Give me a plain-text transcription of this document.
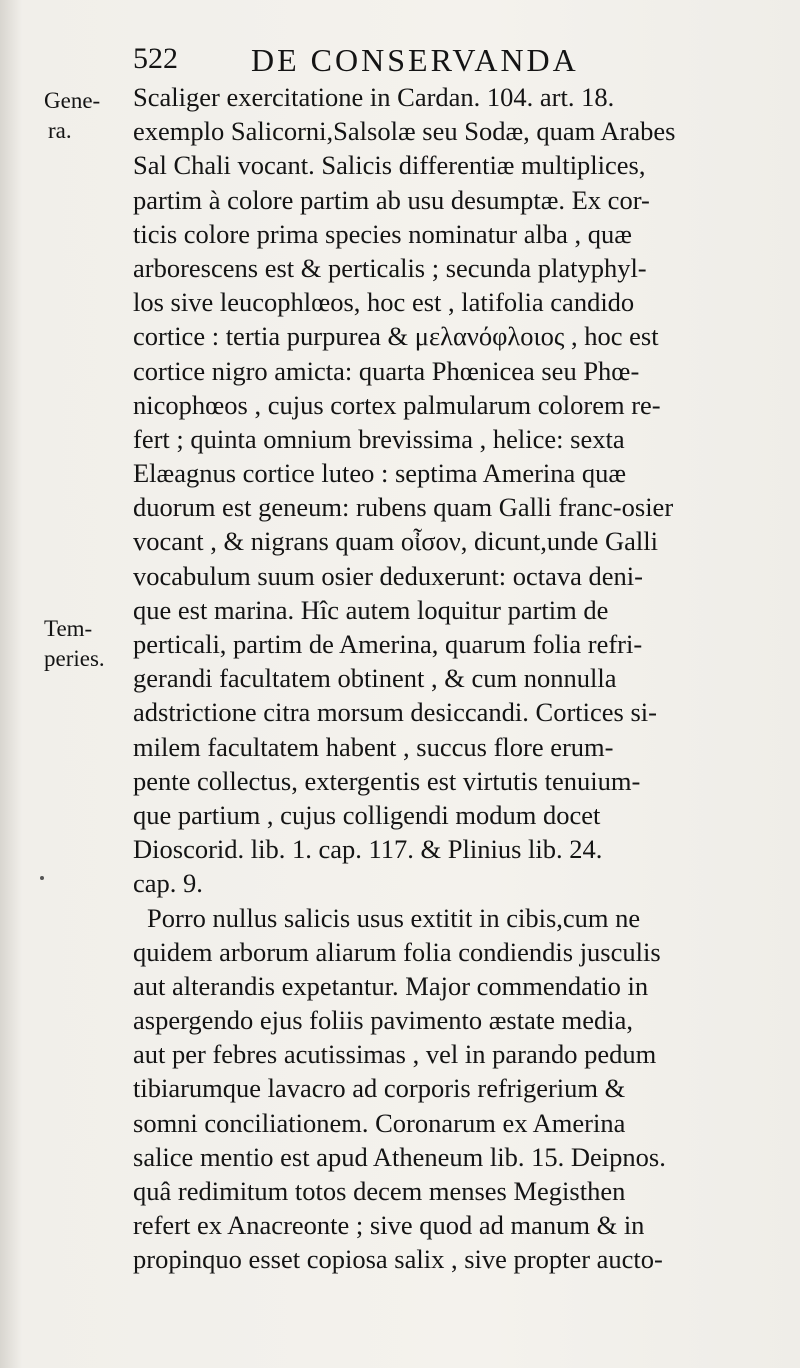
522 DE CONSERVANDA
Gene-
ra.
Tem-
peries.
Scaliger exercitatione in Cardan. 104. art. 18.
exemplo Salicorni,Salsolæ seu Sodæ, quam Arabes
Sal Chali vocant. Salicis differentiæ multiplices,
partim à colore partim ab usu desumptæ. Ex cor-
ticis colore prima species nominatur alba , quæ
arborescens est & perticalis ; secunda platyphyl-
los sive leucophlœos, hoc est , latifolia candido
cortice : tertia purpurea & μελανόφλοιος , hoc est
cortice nigro amicta: quarta Phœnicea seu Phœ-
nicophœos , cujus cortex palmularum colorem re-
fert ; quinta omnium brevissima , helice: sexta
Elæagnus cortice luteo : septima Amerina quæ
duorum est geneum: rubens quam Galli franc-osier
vocant , & nigrans quam οἶσον, dicunt,unde Galli
vocabulum suum osier deduxerunt: octava deni-
que est marina. Hîc autem loquitur partim de
perticali, partim de Amerina, quarum folia refri-
gerandi facultatem obtinent , & cum nonnulla
adstrictione citra morsum desiccandi. Cortices si-
milem facultatem habent , succus flore erum-
pente collectus, extergentis est virtutis tenuium-
que partium , cujus colligendi modum docet
Dioscorid. lib. 1. cap. 117. & Plinius lib. 24.
cap. 9.
Porro nullus salicis usus extitit in cibis,cum ne
quidem arborum aliarum folia condiendis jusculis
aut alterandis expetantur. Major commendatio in
aspergendo ejus foliis pavimento æstate media,
aut per febres acutissimas , vel in parando pedum
tibiarumque lavacro ad corporis refrigerium &
somni conciliationem. Coronarum ex Amerina
salice mentio est apud Atheneum lib. 15. Deipnos.
quâ redimitum totos decem menses Megisthen
refert ex Anacreonte ; sive quod ad manum & in
propinquo esset copiosa salix , sive propter aucto-
